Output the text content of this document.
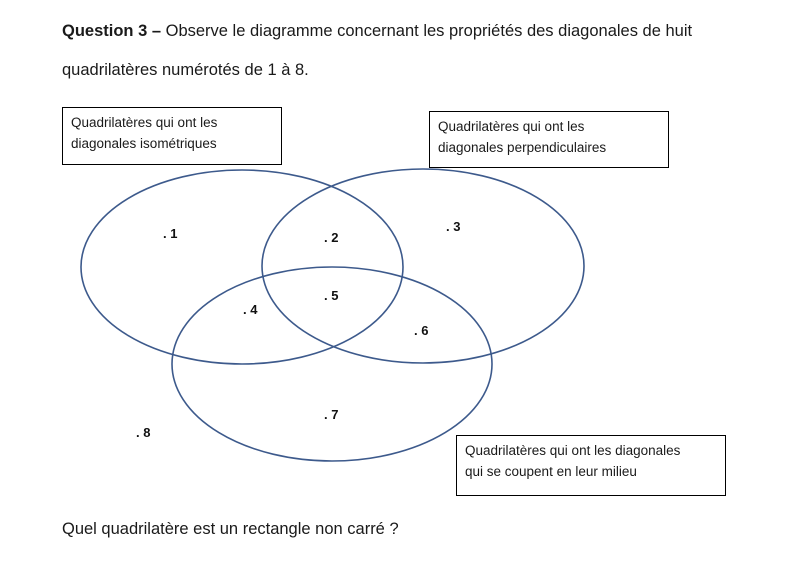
Question 3 – Observe le diagramme concernant les propriétés des diagonales de huit
quadrilatères numérotés de 1 à 8.
. 1	. 2
. 3
. 4
. 5
. 6
. 7
. 8
Quadrilatères qui ont les
diagonales isométriques
Quadrilatères qui ont les
diagonales perpendiculaires
Quadrilatères qui ont les diagonales
qui se coupent en leur milieu
Quel quadrilatère est un rectangle non carré ?
